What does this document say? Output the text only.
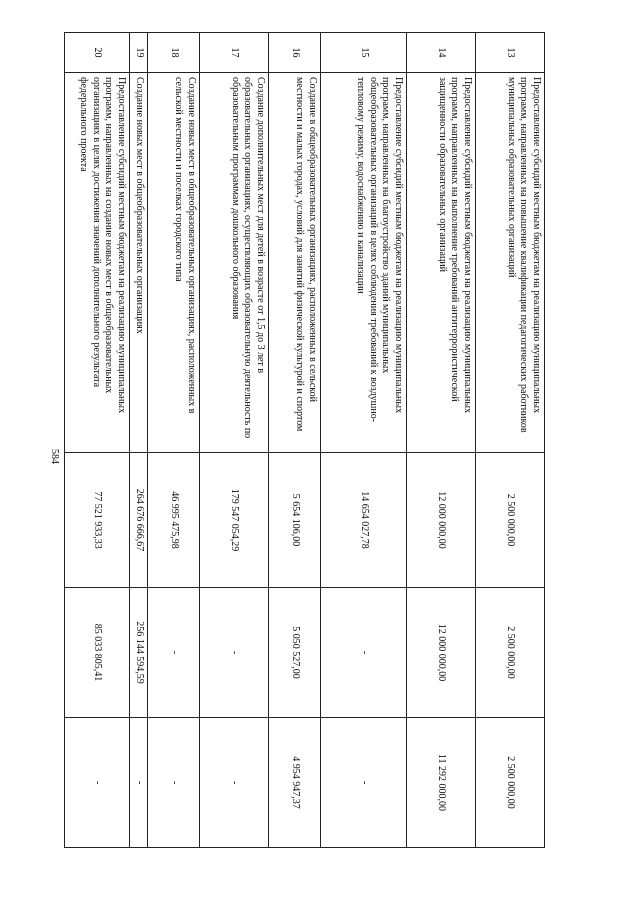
584
13	Предоставление субсидий местным бюджетам на реализацию муниципальных программ, направленных на повышение квалификации педагогических работников муниципальных образовательных организаций	2 500 000,00	2 500 000,00	2 500 000,00
14	Предоставление субсидий местным бюджетам на реализацию муниципальных программ, направленных на выполнение требований антитеррористической защищенности образовательных организаций	12 000 000,00	12 000 000,00	11 292 000,00
15	Предоставление субсидий местным бюджетам на реализацию муниципальных программ, направленных на благоустройство зданий муниципальных общеобразовательных организаций в целях соблюдения требований к воздушно-тепловому режиму, водоснабжению и канализации	14 654 027,78	-	-
16	Создание в общеобразовательных организациях, расположенных в сельской местности и малых городах, условий для занятий физической культурой и спортом	5 654 106,00	5 050 527,00	4 954 947,37
17	Создание дополнительных мест для детей в возрасте от 1,5 до 3 лет в образовательных организациях, осуществляющих образовательную деятельность по образовательным программам дошкольного образования	179 547 054,29	-	-
18	Создание новых мест в общеобразовательных организациях, расположенных в сельской местности и поселках городского типа	46 995 475,98	-	-
19	Создание новых мест в общеобразовательных организациях	264 676 666,67	256 144 594,59	-
20	Предоставление субсидий местным бюджетам на реализацию муниципальных программ, направленных на создание новых мест в общеобразовательных организациях в целях достижения значений дополнительного результата федерального проекта	77 521 933,33	85 033 805,41	-
